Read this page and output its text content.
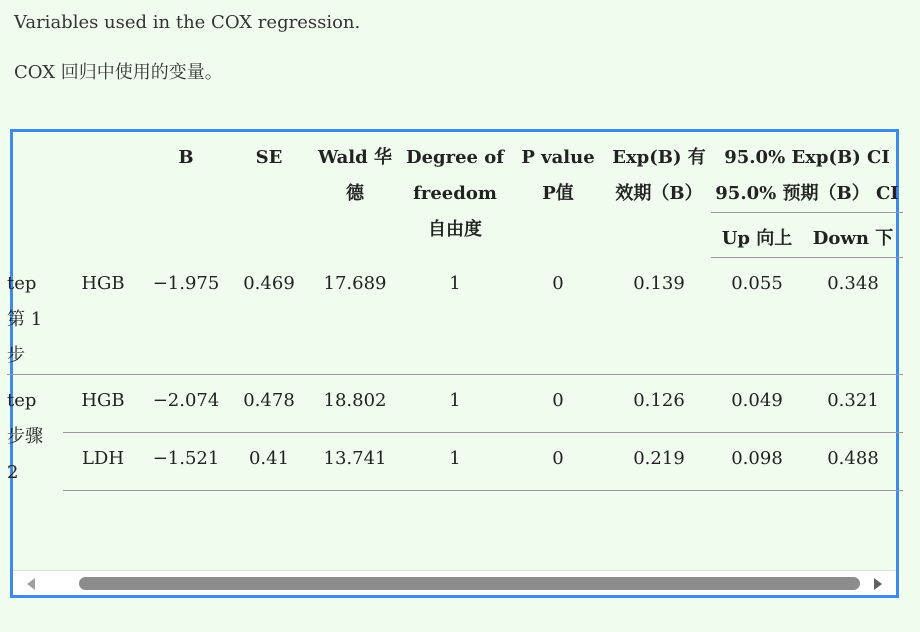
Variables used in the COX regression.
COX 回归中使用的变量。
		B	SE	Wald 华德	Degree of freedom 自由度	P value P值	Exp(B) 有效期（B）	95.0% Exp(B) CI 95.0% 预期（B） CI	
								Up 向上	Down 下
tep 第 1 步	HGB	−1.975	0.469	17.689	1	0	0.139	0.055	0.348
tep 步骤 2	HGB	−2.074	0.478	18.802	1	0	0.126	0.049	0.321
	LDH	−1.521	0.41	13.741	1	0	0.219	0.098	0.488
